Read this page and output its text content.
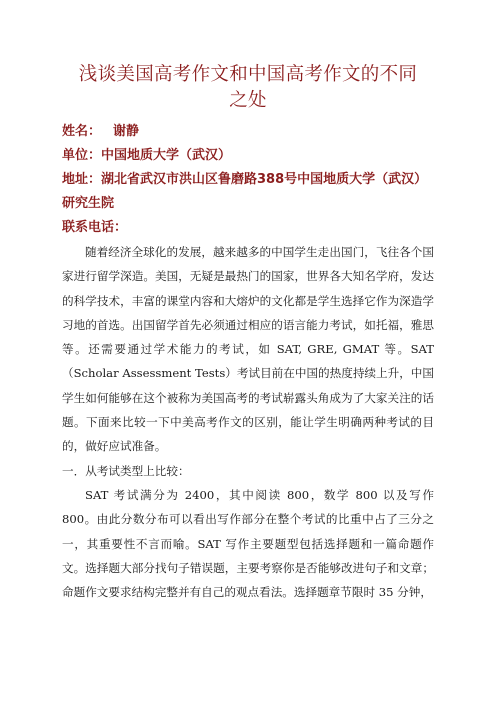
浅谈美国高考作文和中国高考作文的不同
之处

姓名： 谢静

单位：中国地质大学（武汉）

地址：湖北省武汉市洪山区鲁磨路388号中国地质大学（武汉）研究生院

联系电话：

随着经济全球化的发展，越来越多的中国学生走出国门，飞往各个国家进行留学深造。美国，无疑是最热门的国家，世界各大知名学府，发达的科学技术，丰富的课堂内容和大熔炉的文化都是学生选择它作为深造学习地的首选。出国留学首先必须通过相应的语言能力考试，如托福，雅思等。还需要通过学术能力的考试，如 SAT, GRE, GMAT 等。SAT（Scholar Assessment Tests）考试目前在中国的热度持续上升，中国学生如何能够在这个被称为美国高考的考试崭露头角成为了大家关注的话题。下面来比较一下中美高考作文的区别，能让学生明确两种考试的目的，做好应试准备。

一．从考试类型上比较：

SAT 考试满分为 2400，其中阅读 800，数学 800 以及写作 800。由此分数分布可以看出写作部分在整个考试的比重中占了三分之一，其重要性不言而喻。SAT 写作主要题型包括选择题和一篇命题作文。选择题大部分找句子错误题，主要考察你是否能够改进句子和文章；命题作文要求结构完整并有自己的观点看法。选择题章节限时 35 分钟，
